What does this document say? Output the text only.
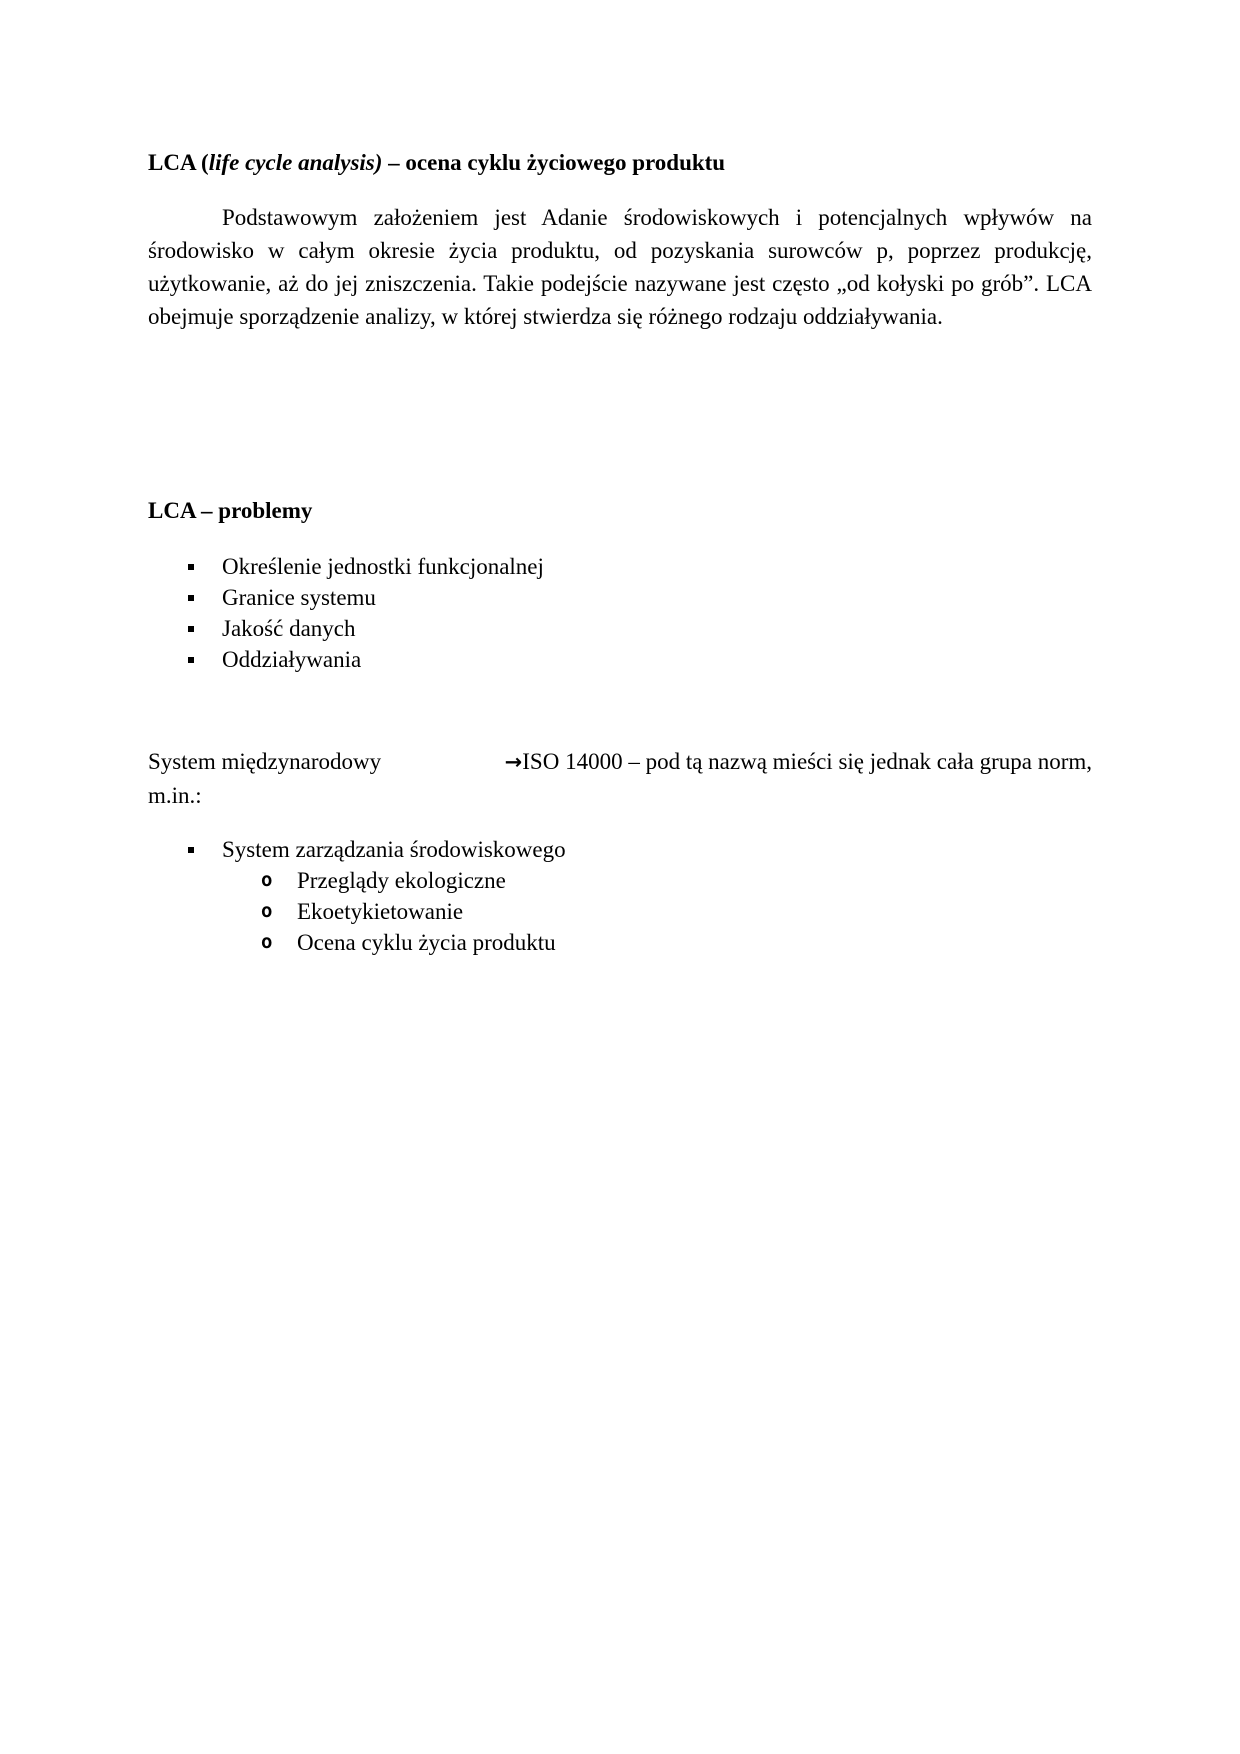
LCA (life cycle analysis) – ocena cyklu życiowego produktu

Podstawowym założeniem jest Adanie środowiskowych i potencjalnych wpływów na środowisko w całym okresie życia produktu, od pozyskania surowców p, poprzez produkcję, użytkowanie, aż do jej zniszczenia. Takie podejście nazywane jest często „od kołyski po grób”. LCA obejmuje sporządzenie analizy, w której stwierdza się różnego rodzaju oddziaływania.

LCA – problemy

Określenie jednostki funkcjonalnej
Granice systemu
Jakość danych
Oddziaływania
System międzynarodowy	→ISO 14000 – pod tą nazwą mieści się jednak cała grupa norm,
m.in.:
System zarządzania środowiskowego
o Przeglądy ekologiczne
o Ekoetykietowanie
o Ocena cyklu życia produktu
